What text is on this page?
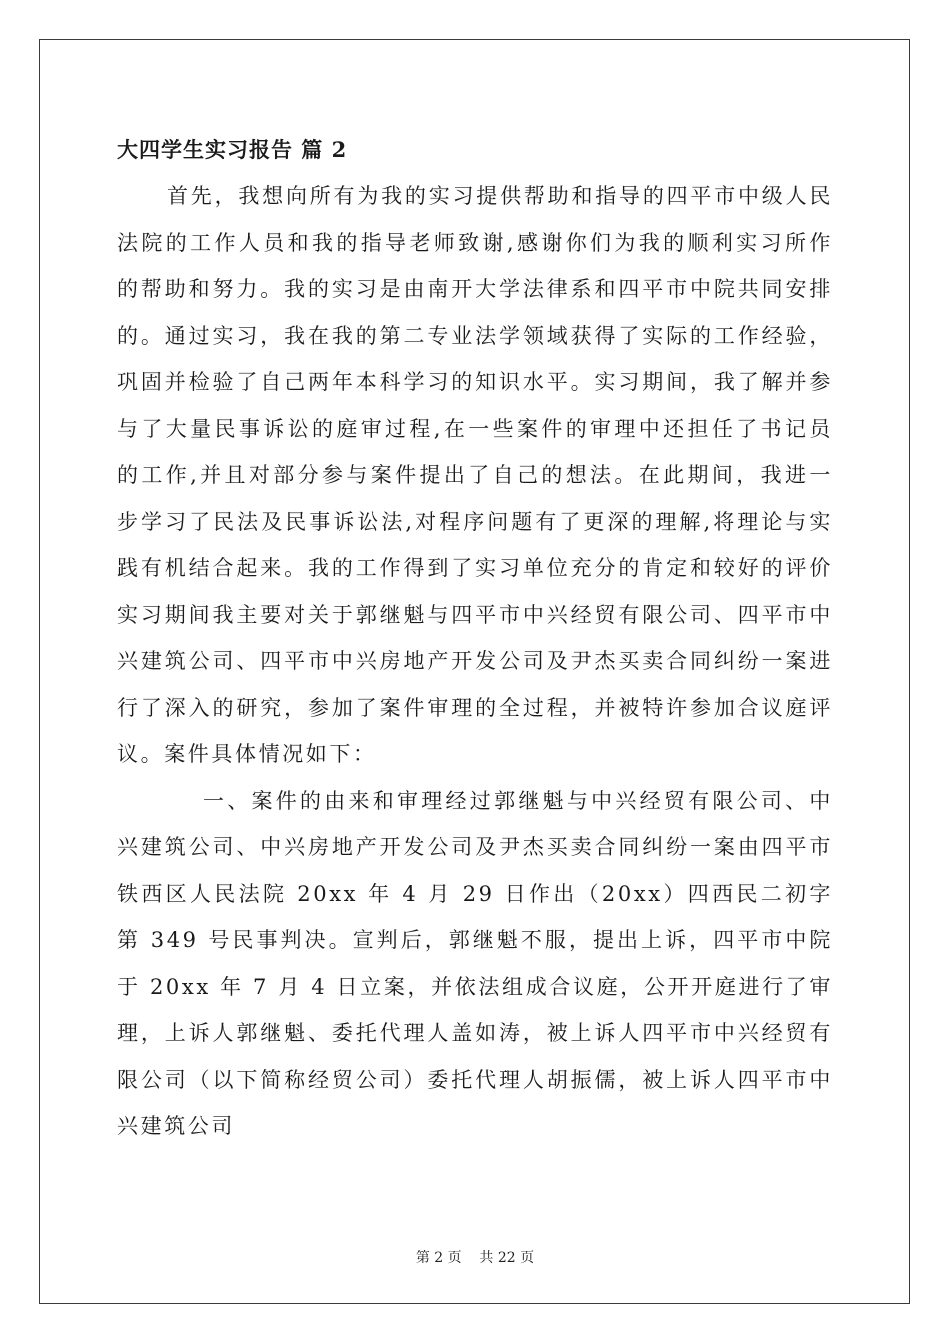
大四学生实习报告 篇 2

首先，我想向所有为我的实习提供帮助和指导的四平市中级人民法院的工作人员和我的指导老师致谢,感谢你们为我的顺利实习所作的帮助和努力。我的实习是由南开大学法律系和四平市中院共同安排的。通过实习，我在我的第二专业法学领域获得了实际的工作经验，巩固并检验了自己两年本科学习的知识水平。实习期间，我了解并参与了大量民事诉讼的庭审过程,在一些案件的审理中还担任了书记员的工作,并且对部分参与案件提出了自己的想法。在此期间，我进一步学习了民法及民事诉讼法,对程序问题有了更深的理解,将理论与实践有机结合起来。我的工作得到了实习单位充分的肯定和较好的评价实习期间我主要对关于郭继魁与四平市中兴经贸有限公司、四平市中兴建筑公司、四平市中兴房地产开发公司及尹杰买卖合同纠纷一案进行了深入的研究，参加了案件审理的全过程，并被特许参加合议庭评议。案件具体情况如下：

一、案件的由来和审理经过郭继魁与中兴经贸有限公司、中兴建筑公司、中兴房地产开发公司及尹杰买卖合同纠纷一案由四平市铁西区人民法院 20xx 年 4 月 29 日作出（20xx）四西民二初字第 349 号民事判决。宣判后，郭继魁不服，提出上诉，四平市中院于 20xx 年 7 月 4 日立案，并依法组成合议庭，公开开庭进行了审理，上诉人郭继魁、委托代理人盖如涛，被上诉人四平市中兴经贸有限公司（以下简称经贸公司）委托代理人胡振儒，被上诉人四平市中兴建筑公司

第 2 页    共 22 页
